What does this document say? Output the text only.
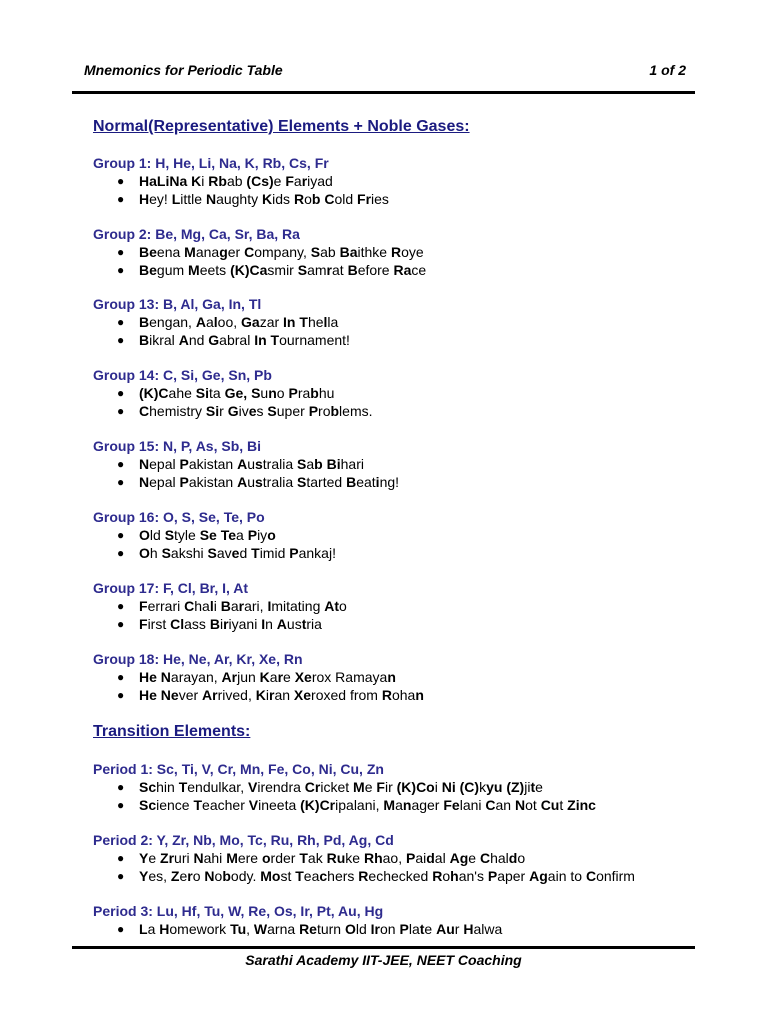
Mnemonics for Periodic Table	1 of 2
Normal(Representative) Elements + Noble Gases:
Group 1: H, He, Li, Na, K, Rb, Cs, Fr
● HaLiNa Ki Rbab (Cs)e Fariyad
● Hey! Little Naughty Kids Rob Cold Fries
Group 2: Be, Mg, Ca, Sr, Ba, Ra
● Beena Manager Company, Sab Baithke Roye
● Begum Meets (K)Casmir Samrat Before Race
Group 13: B, Al, Ga, In, Tl
● Bengan, Aaloo, Gazar In Thella
● Bikral And Gabral In Tournament!
Group 14: C, Si, Ge, Sn, Pb
● (K)Cahe Sita Ge, Suno Prabhu
● Chemistry Sir Gives Super Problems.
Group 15: N, P, As, Sb, Bi
● Nepal Pakistan Australia Sab Bihari
● Nepal Pakistan Australia Started Beating!
Group 16: O, S, Se, Te, Po
● Old Style Se Tea Piyo
● Oh Sakshi Saved Timid Pankaj!
Group 17: F, Cl, Br, I, At
● Ferrari Chali Barari, Imitating Ato
● First Class Biriyani In Austria
Group 18: He, Ne, Ar, Kr, Xe, Rn
● He Narayan, Arjun Kare Xerox Ramayan
● He Never Arrived, Kiran Xeroxed from Rohan
Transition Elements:
Period 1: Sc, Ti, V, Cr, Mn, Fe, Co, Ni, Cu, Zn
● Schin Tendulkar, Virendra Cricket Me Fir (K)Coi Ni (C)kyu (Z)jite
● Science Teacher Vineeta (K)Cripalani, Manager Felani Can Not Cut Zinc
Period 2: Y, Zr, Nb, Mo, Tc, Ru, Rh, Pd, Ag, Cd
● Ye Zruri Nahi Mere order Tak Ruke Rhao, Paidal Age Chaldo
● Yes, Zero Nobody. Most Teachers Rechecked Rohan's Paper Again to Confirm
Period 3: Lu, Hf, Tu, W, Re, Os, Ir, Pt, Au, Hg
● La Homework Tu, Warna Return Old Iron Plate Aur Halwa
Sarathi Academy IIT-JEE, NEET Coaching
